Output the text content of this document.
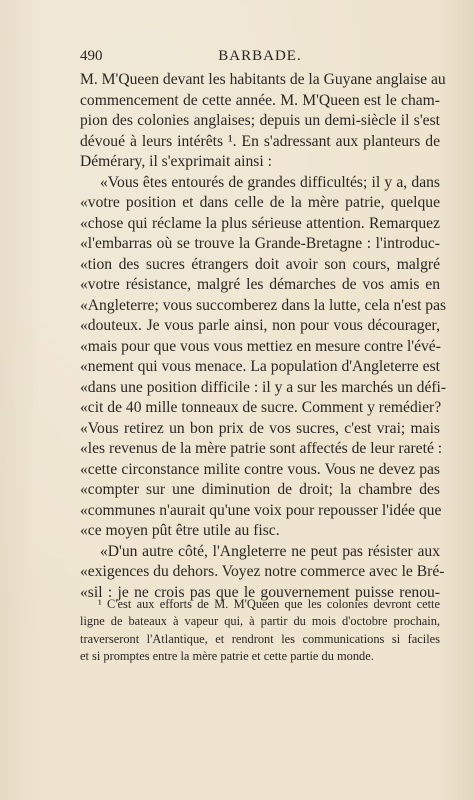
490	BARBADE.
M. M'Queen devant les habitants de la Guyane anglaise au
commencement de cette année. M. M'Queen est le cham-
pion des colonies anglaises; depuis un demi-siècle il s'est
dévoué à leurs intérêts ¹. En s'adressant aux planteurs de
Démérary, il s'exprimait ainsi :
«Vous êtes entourés de grandes difficultés; il y a, dans
«votre position et dans celle de la mère patrie, quelque
«chose qui réclame la plus sérieuse attention. Remarquez
«l'embarras où se trouve la Grande-Bretagne : l'introduc-
«tion des sucres étrangers doit avoir son cours, malgré
«votre résistance, malgré les démarches de vos amis en
«Angleterre; vous succomberez dans la lutte, cela n'est pas
«douteux. Je vous parle ainsi, non pour vous décourager,
«mais pour que vous vous mettiez en mesure contre l'évé-
«nement qui vous menace. La population d'Angleterre est
«dans une position difficile : il y a sur les marchés un défi-
«cit de 40 mille tonneaux de sucre. Comment y remédier?
«Vous retirez un bon prix de vos sucres, c'est vrai; mais
«les revenus de la mère patrie sont affectés de leur rareté :
«cette circonstance milite contre vous. Vous ne devez pas
«compter sur une diminution de droit; la chambre des
«communes n'aurait qu'une voix pour repousser l'idée que
«ce moyen pût être utile au fisc.
«D'un autre côté, l'Angleterre ne peut pas résister aux
«exigences du dehors. Voyez notre commerce avec le Bré-
«sil : je ne crois pas que le gouvernement puisse renou-
¹ C'est aux efforts de M. M'Queen que les colonies devront cette
ligne de bateaux à vapeur qui, à partir du mois d'octobre prochain,
traverseront l'Atlantique, et rendront les communications si faciles
et si promptes entre la mère patrie et cette partie du monde.
